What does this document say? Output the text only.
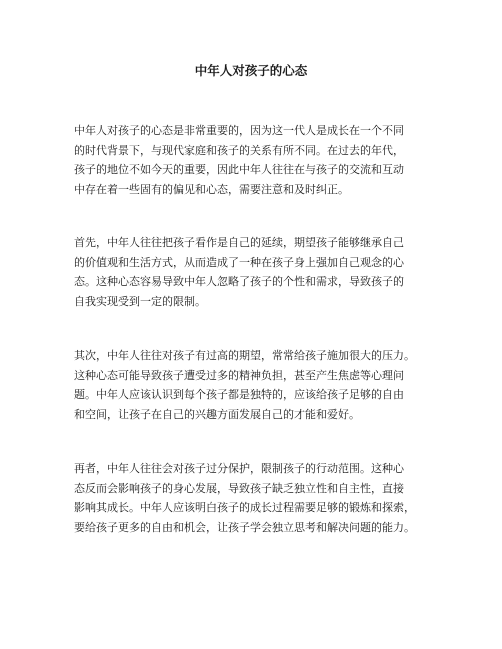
中年人对孩子的心态
中年人对孩子的心态是非常重要的，因为这一代人是成长在一个不同
的时代背景下，与现代家庭和孩子的关系有所不同。在过去的年代，
孩子的地位不如今天的重要，因此中年人往往在与孩子的交流和互动
中存在着一些固有的偏见和心态，需要注意和及时纠正。
首先，中年人往往把孩子看作是自己的延续，期望孩子能够继承自己
的价值观和生活方式，从而造成了一种在孩子身上强加自己观念的心
态。这种心态容易导致中年人忽略了孩子的个性和需求，导致孩子的
自我实现受到一定的限制。
其次，中年人往往对孩子有过高的期望，常常给孩子施加很大的压力。
这种心态可能导致孩子遭受过多的精神负担，甚至产生焦虑等心理问
题。中年人应该认识到每个孩子都是独特的，应该给孩子足够的自由
和空间，让孩子在自己的兴趣方面发展自己的才能和爱好。
再者，中年人往往会对孩子过分保护，限制孩子的行动范围。这种心
态反而会影响孩子的身心发展，导致孩子缺乏独立性和自主性，直接
影响其成长。中年人应该明白孩子的成长过程需要足够的锻炼和探索，
要给孩子更多的自由和机会，让孩子学会独立思考和解决问题的能力。
